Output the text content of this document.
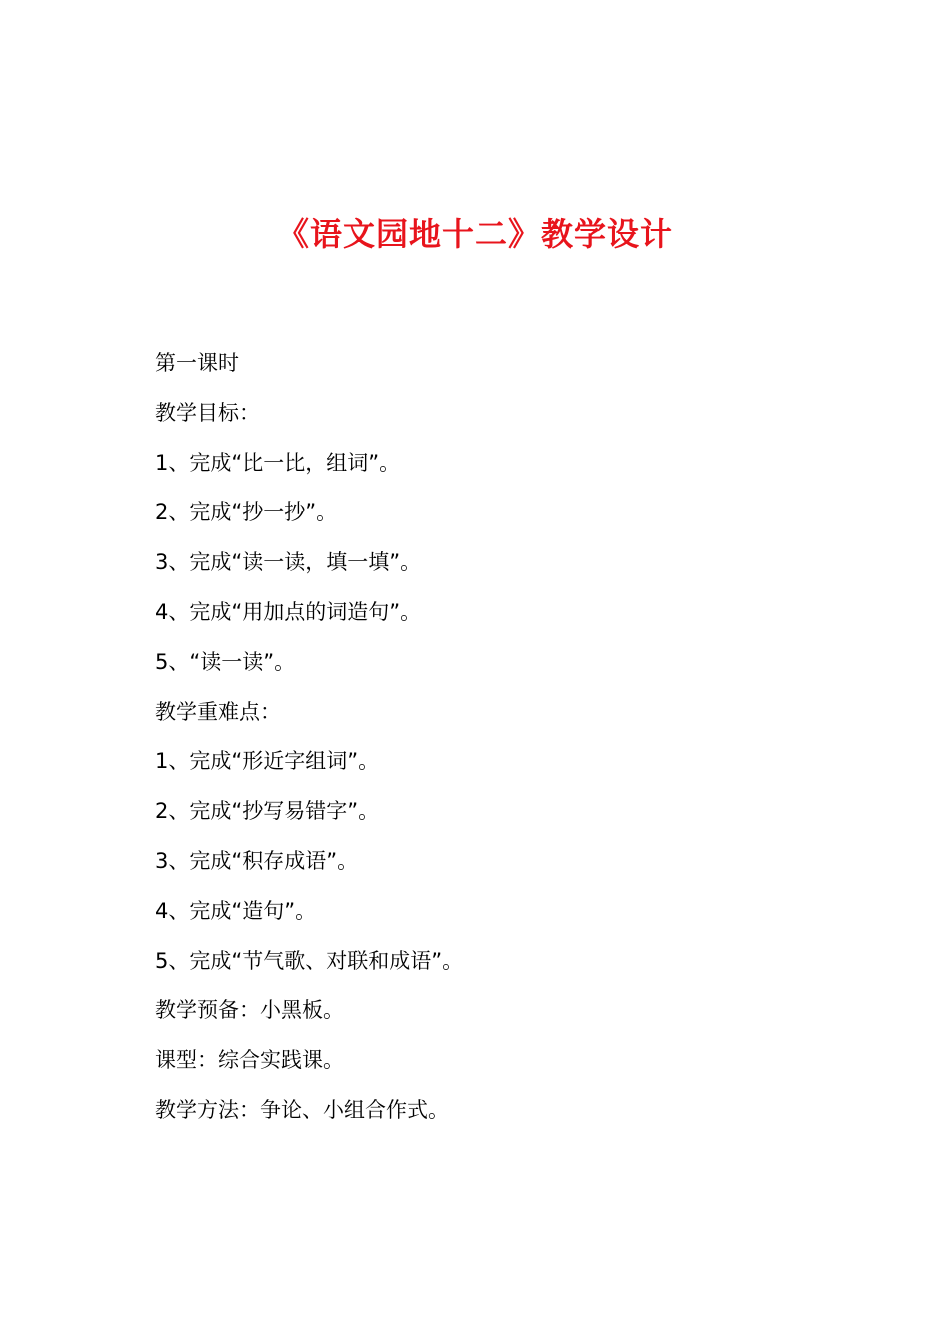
《语文园地十二》教学设计
第一课时
教学目标：
1、完成“比一比，组词”。
2、完成“抄一抄”。
3、完成“读一读，填一填”。
4、完成“用加点的词造句”。
5、“读一读”。
教学重难点：
1、完成“形近字组词”。
2、完成“抄写易错字”。
3、完成“积存成语”。
4、完成“造句”。
5、完成“节气歌、对联和成语”。
教学预备：小黑板。
课型：综合实践课。
教学方法：争论、小组合作式。
